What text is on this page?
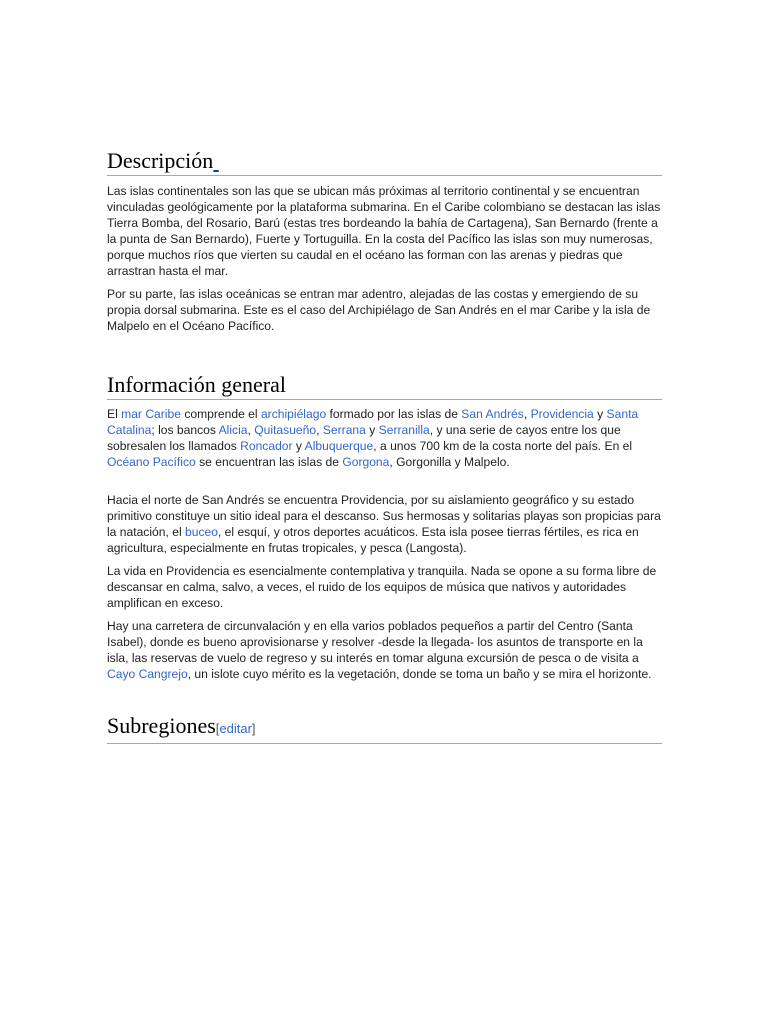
Descripción

Las islas continentales son las que se ubican más próximas al territorio continental y se encuentran vinculadas geológicamente por la plataforma submarina. En el Caribe colombiano se destacan las islas Tierra Bomba, del Rosario, Barú (estas tres bordeando la bahía de Cartagena), San Bernardo (frente a la punta de San Bernardo), Fuerte y Tortuguilla. En la costa del Pacífico las islas son muy numerosas, porque muchos ríos que vierten su caudal en el océano las forman con las arenas y piedras que arrastran hasta el mar.

Por su parte, las islas oceánicas se entran mar adentro, alejadas de las costas y emergiendo de su propia dorsal submarina. Este es el caso del Archipiélago de San Andrés en el mar Caribe y la isla de Malpelo en el Océano Pacífico.

Información general

El mar Caribe comprende el archipiélago formado por las islas de San Andrés, Providencia y Santa Catalina; los bancos Alicia, Quitasueño, Serrana y Serranilla, y una serie de cayos entre los que sobresalen los llamados Roncador y Albuquerque, a unos 700 km de la costa norte del país. En el Océano Pacífico se encuentran las islas de Gorgona, Gorgonilla y Malpelo.

Hacia el norte de San Andrés se encuentra Providencia, por su aislamiento geográfico y su estado primitivo constituye un sitio ideal para el descanso. Sus hermosas y solitarias playas son propicias para la natación, el buceo, el esquí, y otros deportes acuáticos. Esta isla posee tierras fértiles, es rica en agricultura, especialmente en frutas tropicales, y pesca (Langosta).

La vida en Providencia es esencialmente contemplativa y tranquila. Nada se opone a su forma libre de descansar en calma, salvo, a veces, el ruido de los equipos de música que nativos y autoridades amplifican en exceso.

Hay una carretera de circunvalación y en ella varios poblados pequeños a partir del Centro (Santa Isabel), donde es bueno aprovisionarse y resolver -desde la llegada- los asuntos de transporte en la isla, las reservas de vuelo de regreso y su interés en tomar alguna excursión de pesca o de visita a Cayo Cangrejo, un islote cuyo mérito es la vegetación, donde se toma un baño y se mira el horizonte.

Subregiones[editar]
